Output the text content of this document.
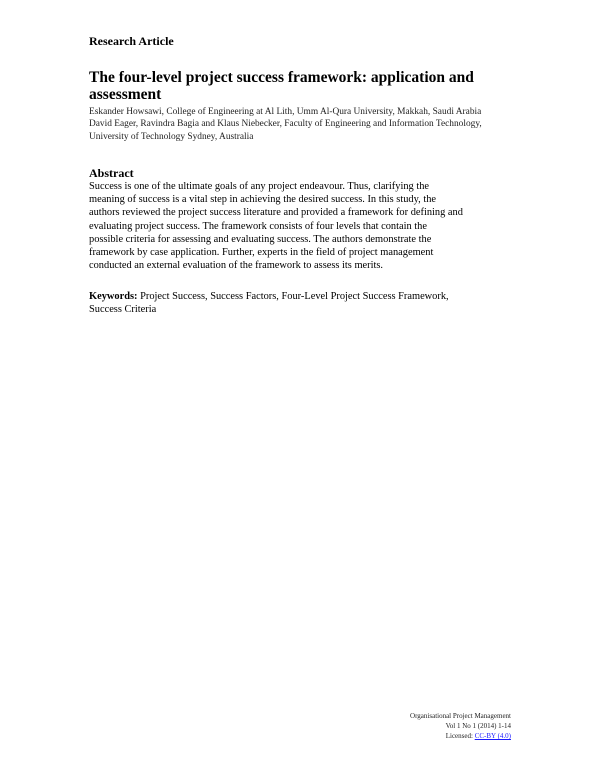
Research Article
The four-level project success framework: application and
assessment

Eskander Howsawi, College of Engineering at Al Lith, Umm Al-Qura University, Makkah, Saudi Arabia

David Eager, Ravindra Bagia and Klaus Niebecker, Faculty of Engineering and Information Technology,

University of Technology Sydney, Australia

Abstract

Success is one of the ultimate goals of any project endeavour. Thus, clarifying the

meaning of success is a vital step in achieving the desired success. In this study, the

authors reviewed the project success literature and provided a framework for defining and

evaluating project success. The framework consists of four levels that contain the

possible criteria for assessing and evaluating success. The authors demonstrate the

framework by case application. Further, experts in the field of project management

conducted an external evaluation of the framework to assess its merits.

Keywords: Project Success, Success Factors, Four-Level Project Success Framework,

Success Criteria

Organisational Project Management

Vol 1 No 1 (2014) 1-14

Licensed: CC-BY (4.0)
